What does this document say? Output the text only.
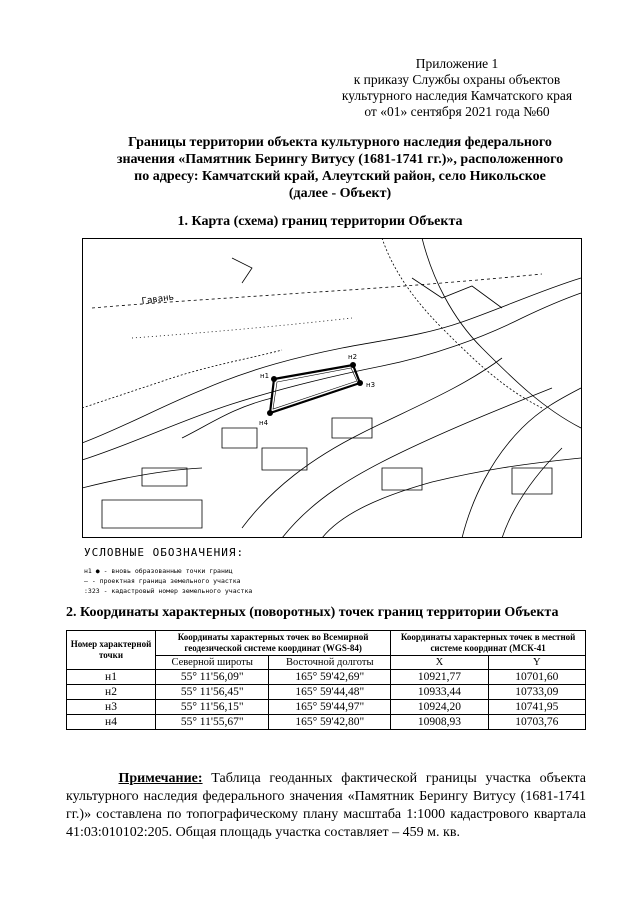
Приложение 1
к приказу Службы охраны объектов
культурного наследия Камчатского края
от «01» сентября 2021 года №60
Границы территории объекта культурного наследия федерального
значения «Памятник Берингу Витусу (1681-1741 гг.)», расположенного
по адресу: Камчатский край, Алеутский район, село Никольское
(далее - Объект)
1. Карта (схема) границ территории Объекта
Гавань
н1
н2
н3
н4
УСЛОВНЫЕ ОБОЗНАЧЕНИЯ:
н1 ● - вновь образованные точки границ
— - проектная граница земельного участка
:323 - кадастровый номер земельного участка
2. Координаты характерных (поворотных) точек границ территории Объекта
Номер характерной точки	Координаты характерных точек во Всемирной геодезической системе координат (WGS-84)		Координаты характерных точек в местной системе координат (МСК-41	
	Северной широты	Восточной долготы	X	Y
н1	55° 11'56,09"	165° 59'42,69"	10921,77	10701,60
н2	55° 11'56,45"	165° 59'44,48"	10933,44	10733,09
н3	55° 11'56,15"	165° 59'44,97"	10924,20	10741,95
н4	55° 11'55,67"	165° 59'42,80"	10908,93	10703,76
Примечание: Таблица геоданных фактической границы участка объекта культурного наследия федерального значения «Памятник Берингу Витусу (1681-1741 гг.)» составлена по топографическому плану масштаба 1:1000 кадастрового квартала 41:03:010102:205. Общая площадь участка составляет – 459 м. кв.
